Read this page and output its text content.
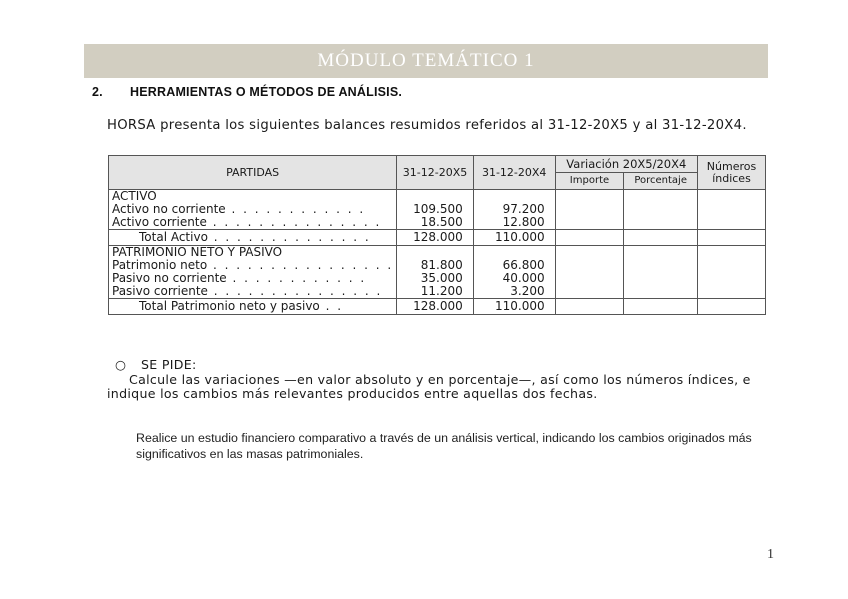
MÓDULO TEMÁTICO 1
2. HERRAMIENTAS O MÉTODOS DE ANÁLISIS.
HORSA presenta los siguientes balances resumidos referidos al 31-12-20X5 y al 31-12-20X4.
PARTIDAS	31-12-20X5	31-12-20X4	Variación 20X5/20X4		Números índices
			Importe	Porcentaje	
ACTIVO					
Activo no corriente . . . . . . . . . . . .	109.500	97.200			
Activo corriente . . . . . . . . . . . . . . .	18.500	12.800			
Total Activo . . . . . . . . . . . . . .	128.000	110.000			
PATRIMONIO NETO Y PASIVO					
Patrimonio neto . . . . . . . . . . . . . . . .	81.800	66.800			
Pasivo no corriente . . . . . . . . . . . .	35.000	40.000			
Pasivo corriente . . . . . . . . . . . . . . .	11.200	3.200			
Total Patrimonio neto y pasivo . .	128.000	110.000			
○ SE PIDE:
Calcule las variaciones —en valor absoluto y en porcentaje—, así como los números índices, e indique los cambios más relevantes producidos entre aquellas dos fechas.
Realice un estudio financiero comparativo a través de un análisis vertical, indicando los cambios originados más significativos en las masas patrimoniales.
1
